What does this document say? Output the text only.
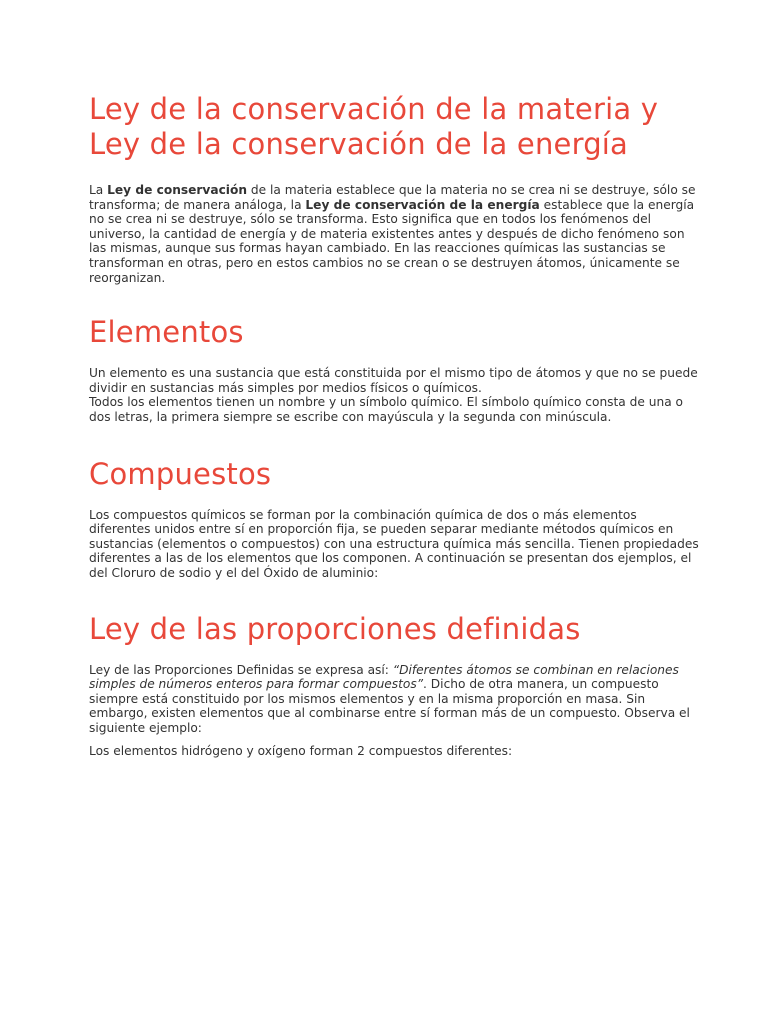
Ley de la conservación de la materia y Ley de la conservación de la energía

La Ley de conservación de la materia establece que la materia no se crea ni se destruye, sólo se transforma; de manera análoga, la Ley de conservación de la energía establece que la energía no se crea ni se destruye, sólo se transforma. Esto significa que en todos los fenómenos del universo, la cantidad de energía y de materia existentes antes y después de dicho fenómeno son las mismas, aunque sus formas hayan cambiado. En las reacciones químicas las sustancias se transforman en otras, pero en estos cambios no se crean o se destruyen átomos, únicamente se reorganizan.

Elementos

Un elemento es una sustancia que está constituida por el mismo tipo de átomos y que no se puede dividir en sustancias más simples por medios físicos o químicos.

Todos los elementos tienen un nombre y un símbolo químico. El símbolo químico consta de una o dos letras, la primera siempre se escribe con mayúscula y la segunda con minúscula.

Compuestos

Los compuestos químicos se forman por la combinación química de dos o más elementos diferentes unidos entre sí en proporción fija, se pueden separar mediante métodos químicos en sustancias (elementos o compuestos) con una estructura química más sencilla. Tienen propiedades diferentes a las de los elementos que los componen. A continuación se presentan dos ejemplos, el del Cloruro de sodio y el del Óxido de aluminio:

Ley de las proporciones definidas

Ley de las Proporciones Definidas se expresa así: “Diferentes átomos se combinan en relaciones simples de números enteros para formar compuestos”. Dicho de otra manera, un compuesto siempre está constituido por los mismos elementos y en la misma proporción en masa. Sin embargo, existen elementos que al combinarse entre sí forman más de un compuesto. Observa el siguiente ejemplo:

Los elementos hidrógeno y oxígeno forman 2 compuestos diferentes:
